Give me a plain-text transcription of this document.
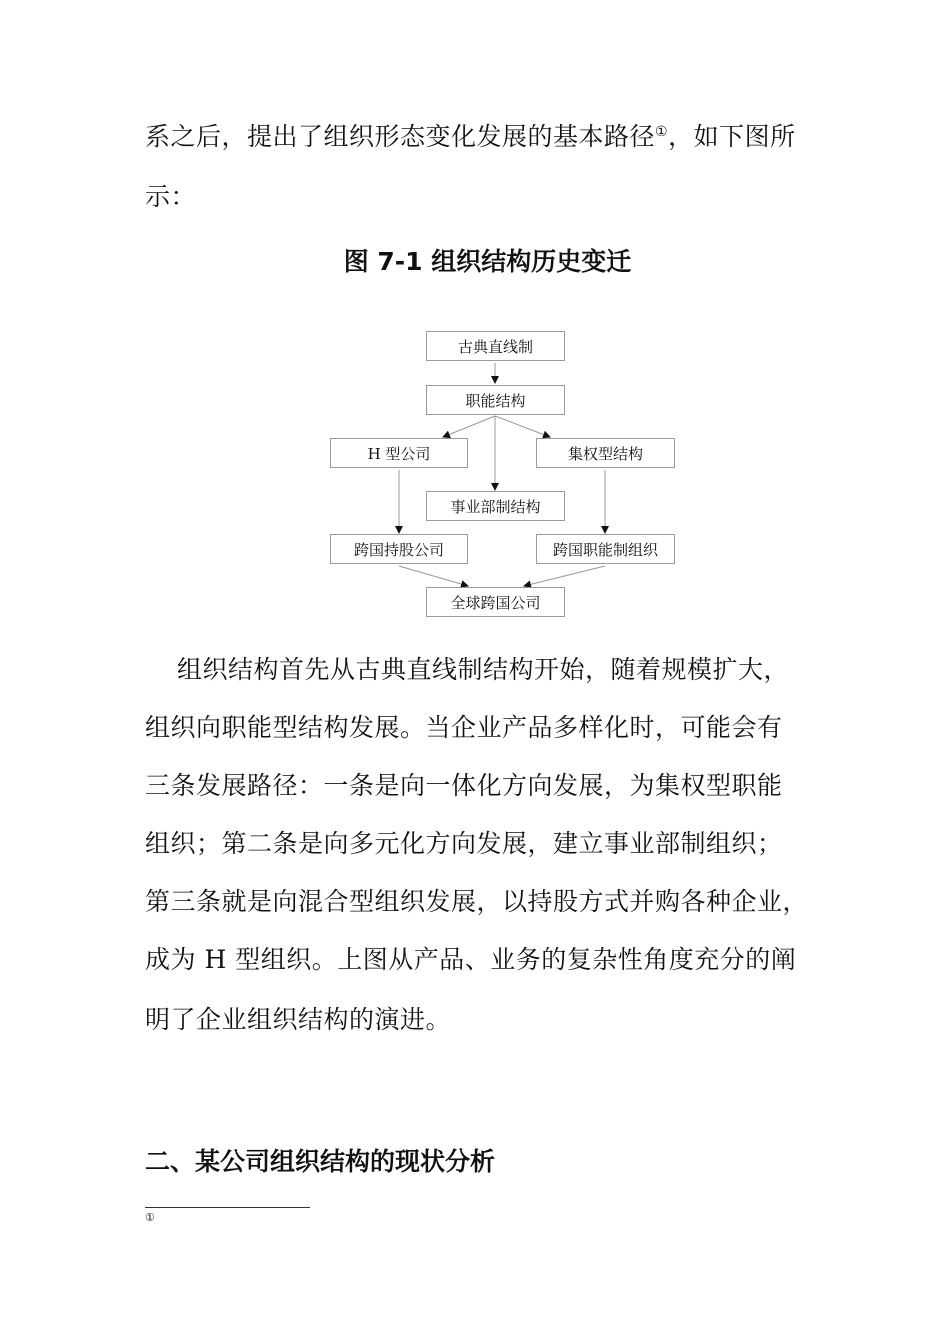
系之后，提出了组织形态变化发展的基本路径①，如下图所
示：
图 7-1 组织结构历史变迁
古典直线制
职能结构
H 型公司	集权型结构
事业部制结构
跨国持股公司	跨国职能制组织
全球跨国公司
组织结构首先从古典直线制结构开始，随着规模扩大，
组织向职能型结构发展。当企业产品多样化时，可能会有
三条发展路径：一条是向一体化方向发展，为集权型职能
组织；第二条是向多元化方向发展，建立事业部制组织；
第三条就是向混合型组织发展，以持股方式并购各种企业，
成为 H 型组织。上图从产品、业务的复杂性角度充分的阐
明了企业组织结构的演进。
二、某公司组织结构的现状分析
①
